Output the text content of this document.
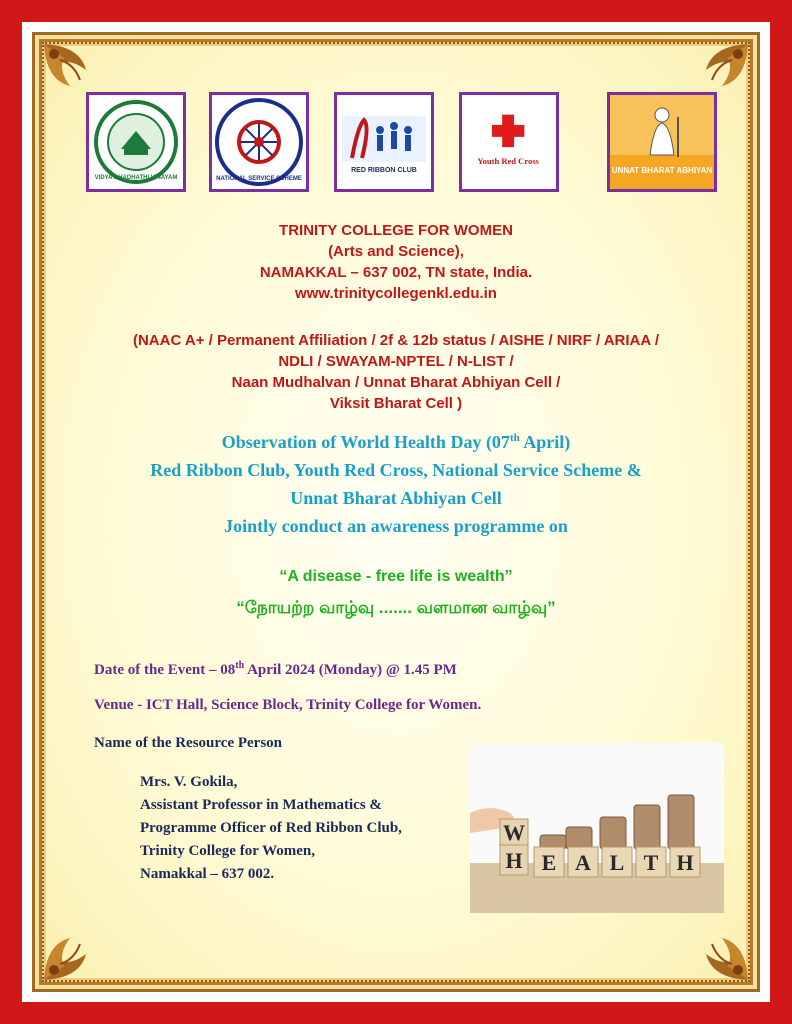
VIDYA DHADHATHI VINAYAM	NATIONAL SERVICE SCHEME
RED RIBBON CLUB
Youth Red Cross
UNNAT BHARAT ABHIYAN
TRINITY COLLEGE FOR WOMEN
(Arts and Science),
NAMAKKAL – 637 002, TN state, India.
www.trinitycollegenkl.edu.in
(NAAC A+ / Permanent Affiliation / 2f & 12b status / AISHE / NIRF / ARIAA /
NDLI / SWAYAM-NPTEL / N-LIST /
Naan Mudhalvan / Unnat Bharat Abhiyan Cell /
Viksit Bharat Cell )
Observation of World Health Day (07th April)
Red Ribbon Club, Youth Red Cross, National Service Scheme &
Unnat Bharat Abhiyan Cell
Jointly conduct an awareness programme on
“A disease - free life is wealth”
“நோயற்ற வாழ்வு ....... வளமான வாழ்வு”
Date of the Event – 08th April 2024 (Monday) @ 1.45 PM
Venue - ICT Hall, Science Block, Trinity College for Women.
Name of the Resource Person
Mrs. V. Gokila,
Assistant Professor in Mathematics &
Programme Officer of Red Ribbon Club,
Trinity College for Women,
Namakkal – 637 002.
W
H E A L T H
